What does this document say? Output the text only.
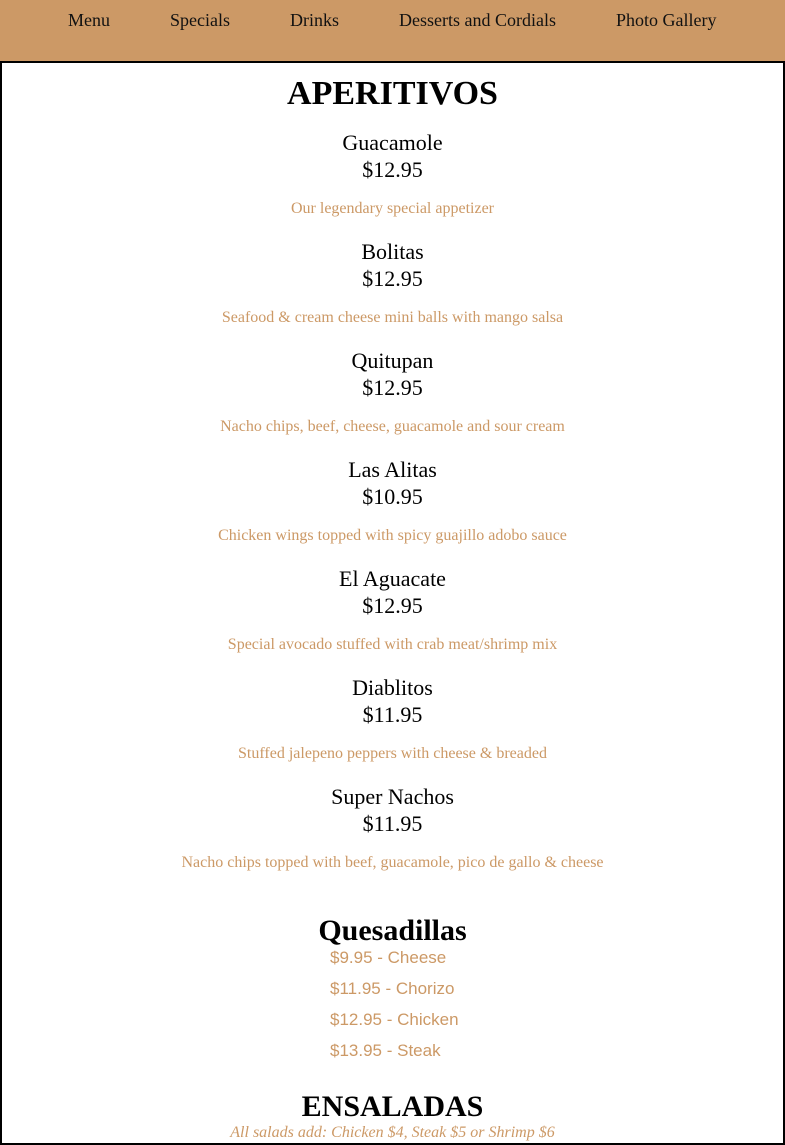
Menu	Specials	Drinks	Desserts and Cordials	Photo Gallery
APERITIVOS
Guacamole
$12.95
Our legendary special appetizer
Bolitas
$12.95
Seafood & cream cheese mini balls with mango salsa
Quitupan
$12.95
Nacho chips, beef, cheese, guacamole and sour cream
Las Alitas
$10.95
Chicken wings topped with spicy guajillo adobo sauce
El Aguacate
$12.95
Special avocado stuffed with crab meat/shrimp mix
Diablitos
$11.95
Stuffed jalepeno peppers with cheese & breaded
Super Nachos
$11.95
Nacho chips topped with beef, guacamole, pico de gallo & cheese
Quesadillas
$9.95 - Cheese
$11.95 - Chorizo
$12.95 - Chicken
$13.95 - Steak
ENSALADAS
All salads add: Chicken $4, Steak $5 or Shrimp $6
